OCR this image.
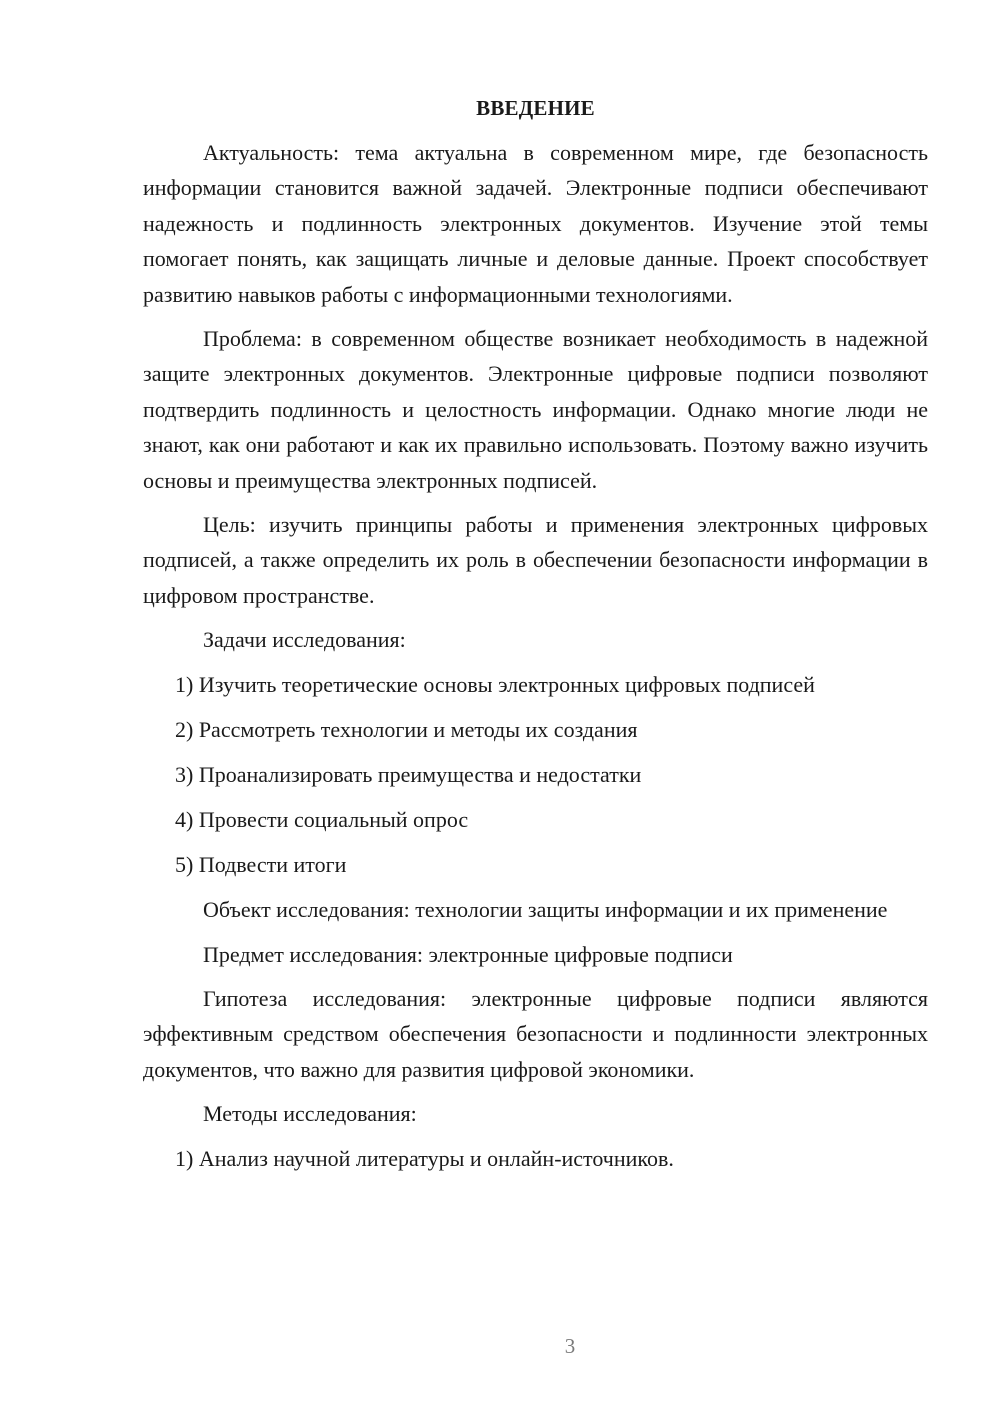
ВВЕДЕНИЕ

Актуальность: тема актуальна в современном мире, где безопасность информации становится важной задачей. Электронные подписи обеспечивают надежность и подлинность электронных документов. Изучение этой темы помогает понять, как защищать личные и деловые данные. Проект способствует развитию навыков работы с информационными технологиями.

Проблема: в современном обществе возникает необходимость в надежной защите электронных документов. Электронные цифровые подписи позволяют подтвердить подлинность и целостность информации. Однако многие люди не знают, как они работают и как их правильно использовать. Поэтому важно изучить основы и преимущества электронных подписей.

Цель: изучить принципы работы и применения электронных цифровых подписей, а также определить их роль в обеспечении безопасности информации в цифровом пространстве.

Задачи исследования:

1) Изучить теоретические основы электронных цифровых подписей
2) Рассмотреть технологии и методы их создания
3) Проанализировать преимущества и недостатки
4) Провести социальный опрос
5) Подвести итоги

Объект исследования: технологии защиты информации и их применение

Предмет исследования: электронные цифровые подписи

Гипотеза исследования: электронные цифровые подписи являются эффективным средством обеспечения безопасности и подлинности электронных документов, что важно для развития цифровой экономики.

Методы исследования:

1) Анализ научной литературы и онлайн-источников.
3
